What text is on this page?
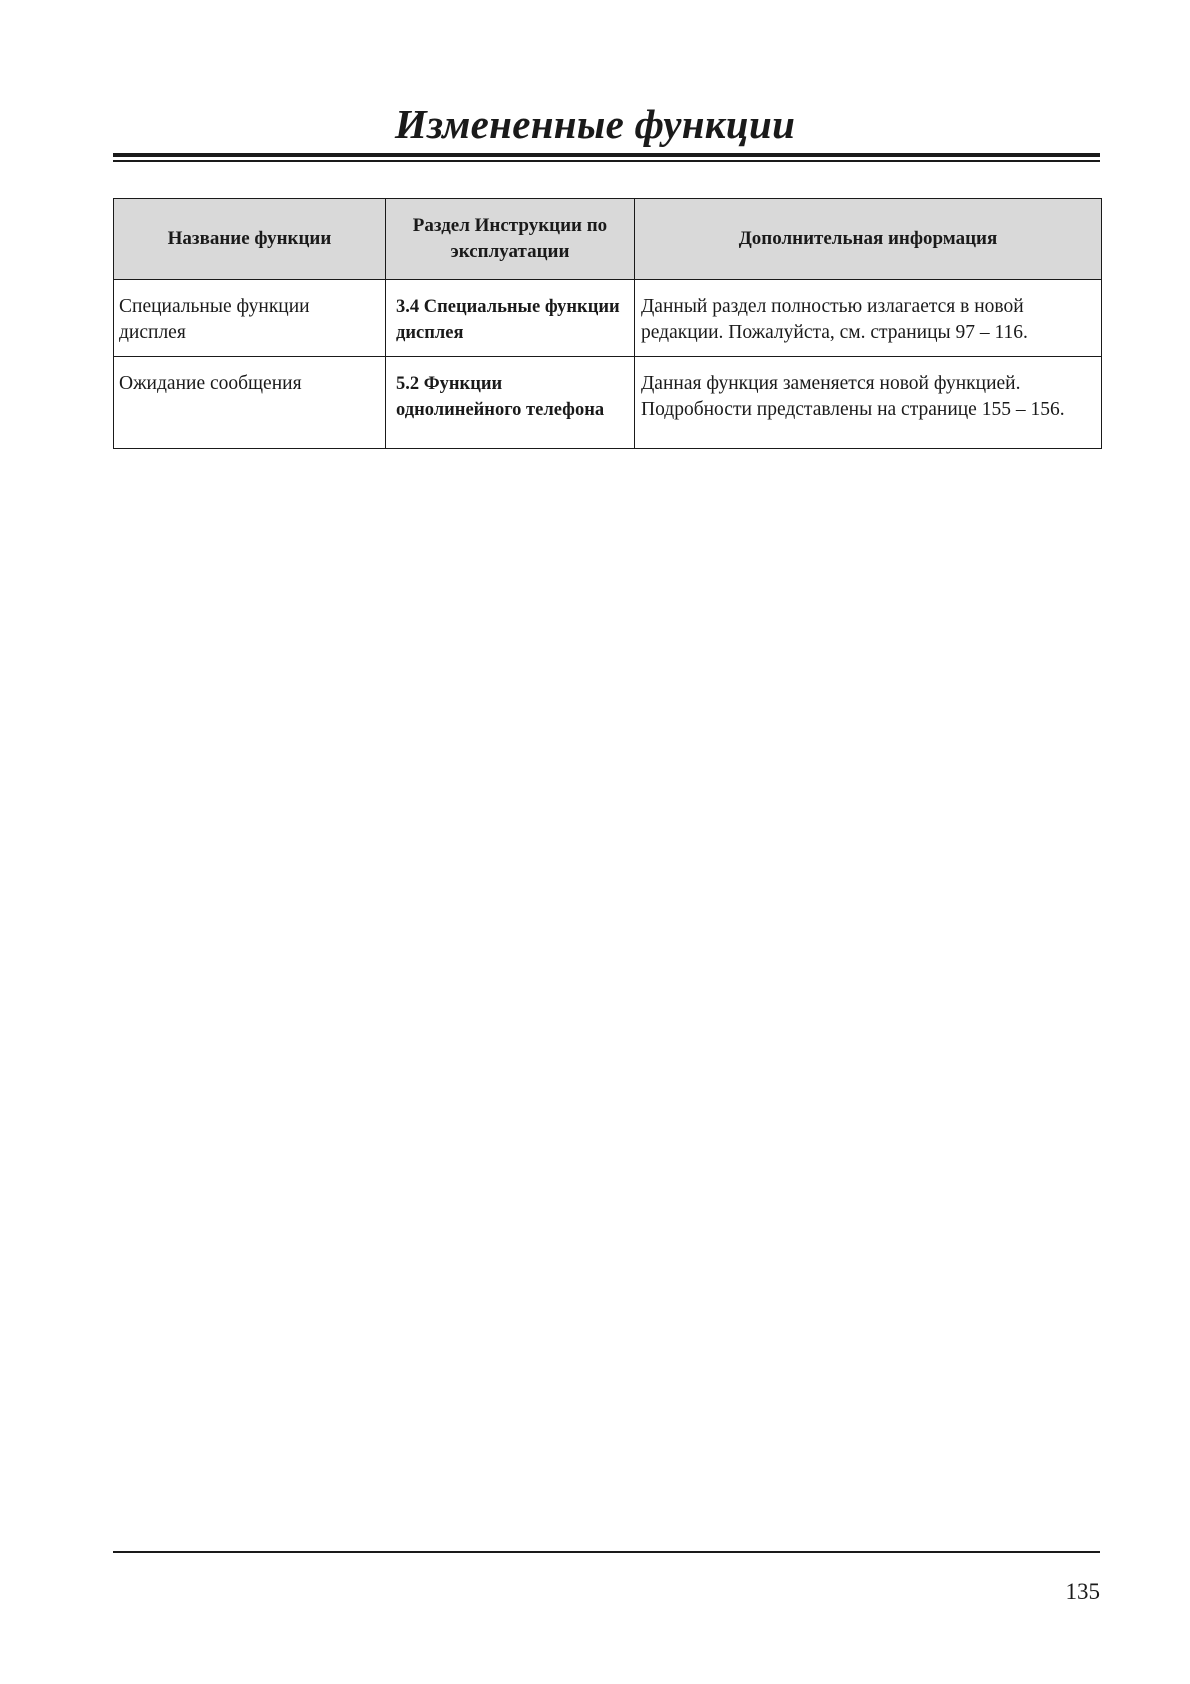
Измененные функции
Название функции	Раздел Инструкции по эксплуатации	Дополнительная информация
Специальные функции дисплея	3.4 Специальные функции дисплея	Данный раздел полностью излагается в новой редакции. Пожалуйста, см. страницы 97 – 116.
Ожидание сообщения	5.2 Функции однолинейного телефона	Данная функция заменяется новой функцией. Подробности представлены на странице 155 – 156.
135
